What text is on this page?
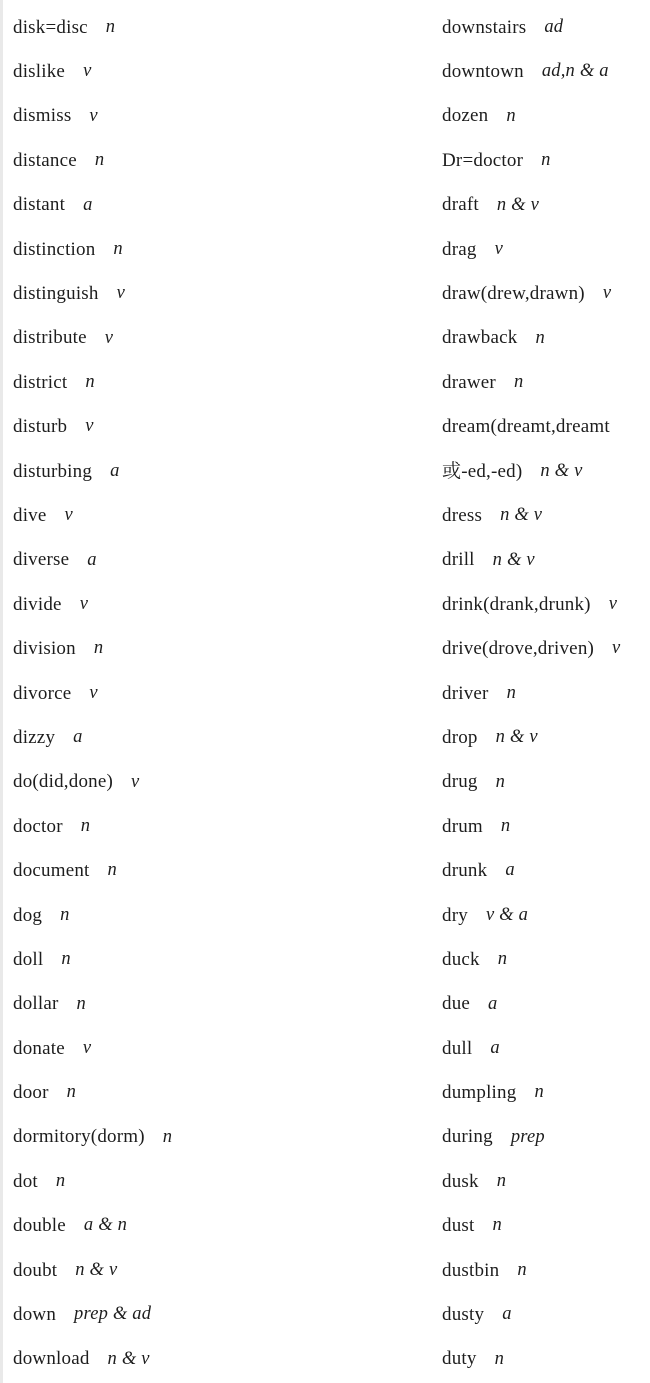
disk=disc n
dislike v
dismiss v
distance n
distant a
distinction n
distinguish v
distribute v
district n
disturb v
disturbing a
dive v
diverse a
divide v
division n
divorce v
dizzy a
do(did,done) v
doctor n
document n
dog n
doll n
dollar n
donate v
door n
dormitory(dorm) n
dot n
double a & n
doubt n & v
down prep & ad
download n & v
downstairs ad
downtown ad,n & a
dozen n
Dr=doctor n
draft n & v
drag v
draw(drew,drawn) v
drawback n
drawer n
dream(dreamt,dreamt
或-ed,-ed) n & v
dress n & v
drill n & v
drink(drank,drunk) v
drive(drove,driven) v
driver n
drop n & v
drug n
drum n
drunk a
dry v & a
duck n
due a
dull a
dumpling n
during prep
dusk n
dust n
dustbin n
dusty a
duty n
